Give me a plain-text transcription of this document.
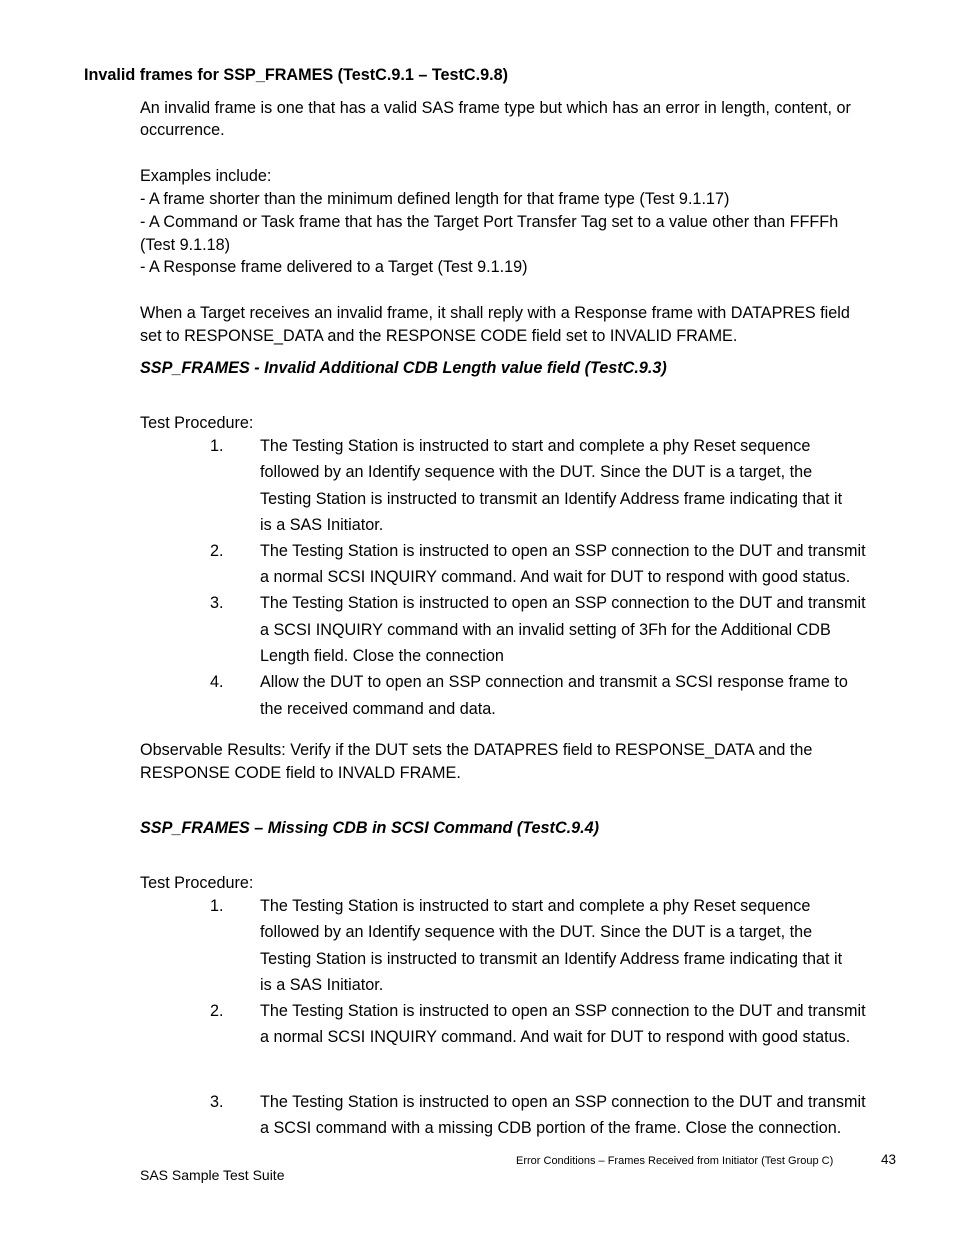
Invalid frames for SSP_FRAMES (TestC.9.1 – TestC.9.8)
An invalid frame is one that has a valid SAS frame type but which has an error in length, content, or
occurrence.
Examples include:
- A frame shorter than the minimum defined length for that frame type (Test 9.1.17)
- A Command or Task frame that has the Target Port Transfer Tag set to a value other than FFFFh
(Test 9.1.18)
- A Response frame delivered to a Target (Test 9.1.19)
When a Target receives an invalid frame, it shall reply with a Response frame with DATAPRES field
set to RESPONSE_DATA and the RESPONSE CODE field set to INVALID FRAME.
SSP_FRAMES - Invalid Additional CDB Length value field (TestC.9.3)
Test Procedure:
1.	The Testing Station is instructed to start and complete a phy Reset sequence
followed by an Identify sequence with the DUT. Since the DUT is a target, the
Testing Station is instructed to transmit an Identify Address frame indicating that it
is a SAS Initiator.
2.	The Testing Station is instructed to open an SSP connection to the DUT and transmit
a normal SCSI INQUIRY command. And wait for DUT to respond with good status.
3.	The Testing Station is instructed to open an SSP connection to the DUT and transmit
a SCSI INQUIRY command with an invalid setting of 3Fh for the Additional CDB
Length field. Close the connection
4.	Allow the DUT to open an SSP connection and transmit a SCSI response frame to
the received command and data.
Observable Results: Verify if the DUT sets the DATAPRES field to RESPONSE_DATA and the
RESPONSE CODE field to INVALD FRAME.
SSP_FRAMES – Missing CDB in SCSI Command (TestC.9.4)
Test Procedure:
1.	The Testing Station is instructed to start and complete a phy Reset sequence
followed by an Identify sequence with the DUT. Since the DUT is a target, the
Testing Station is instructed to transmit an Identify Address frame indicating that it
is a SAS Initiator.
2.	The Testing Station is instructed to open an SSP connection to the DUT and transmit
a normal SCSI INQUIRY command. And wait for DUT to respond with good status.
3.	The Testing Station is instructed to open an SSP connection to the DUT and transmit
a SCSI command with a missing CDB portion of the frame. Close the connection.
Error Conditions – Frames Received from Initiator (Test Group C)	43
SAS Sample Test Suite
